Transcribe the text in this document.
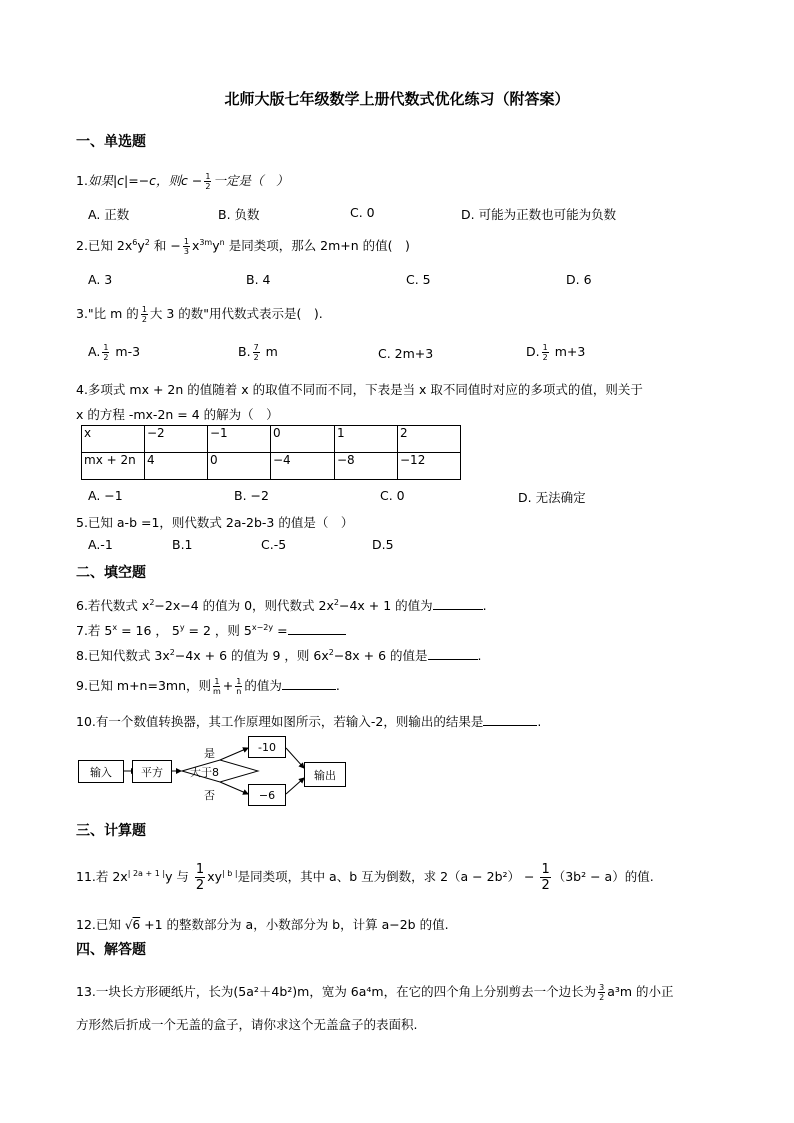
北师大版七年级数学上册代数式优化练习（附答案）
一、单选题
1.如果|c|=−c，则$c - \frac{1}{2}$ 一定是（　）
A. 正数	B. 负数	C. 0	D. 可能为正数也可能为负数
2.已知 $2x^6y^2$ 和 − $\frac{1}{3} x^{3m}y^n$ 是同类项，那么 2m+n 的值(　)
A. 3	B. 4	C. 5	D. 6
3."比 m 的 $\frac{1}{2}$ 大 3 的数"用代数式表示是(　).
A. $\frac{1}{2} m-3$	B. $\frac{7}{2}$ m	C. 2m+3	D. $\frac{1}{2} m+3$
4.多项式 mx + 2n 的值随着 x 的取值不同而不同，下表是当 x 取不同值时对应的多项式的值，则关于
x 的方程 -mx-2n = 4 的解为（　）
x	−2	−1	0	1	2
mx + 2n	4	0	−4	−8	−12
A. −1	B. −2	C. 0	D. 无法确定
5.已知 a-b =1，则代数式 2a-2b-3 的值是（　）
A.-1	B.1	C.-5	D.5
二、填空题
6.若代数式 $x^2-2x-4$ 的值为 0，则代数式 $2x^2-4x + 1$ 的值为	.
7.若 $5^x = 16$ ， $5^y = 2$ ，则 $5^{x-2y}$ =
8.已知代数式 $3x^2-4x + 6$ 的值为 9 ，则 $6x^2-8x + 6$ 的值是	.
9.已知 m+n=3mn，则 $\frac{1}{m} + \frac{1}{n}$ 的值为	.
10.有一个数值转换器，其工作原理如图所示，若输入-2，则输出的结果是	.
输入	平方	大于8
是
否
-10
−6
输出
三、计算题
11.若 $2x^{| 2a + 1 |}y$ 与 $\frac{1}{2} xy^{| b |}$是同类项，其中 a、b 互为倒数，求 $2(a - 2b^2) - \frac{1}{2} (3b^2 - a)$的值.
12.已知 √6 +1 的整数部分为 a，小数部分为 b，计算 a−2b 的值.
四、解答题
13.一块长方形硬纸片，长为(5a²＋4b²)m，宽为 6a⁴m，在它的四个角上分别剪去一个边长为 $\frac{3}{2} a^3m$ 的小正
方形然后折成一个无盖的盒子，请你求这个无盖盒子的表面积.
